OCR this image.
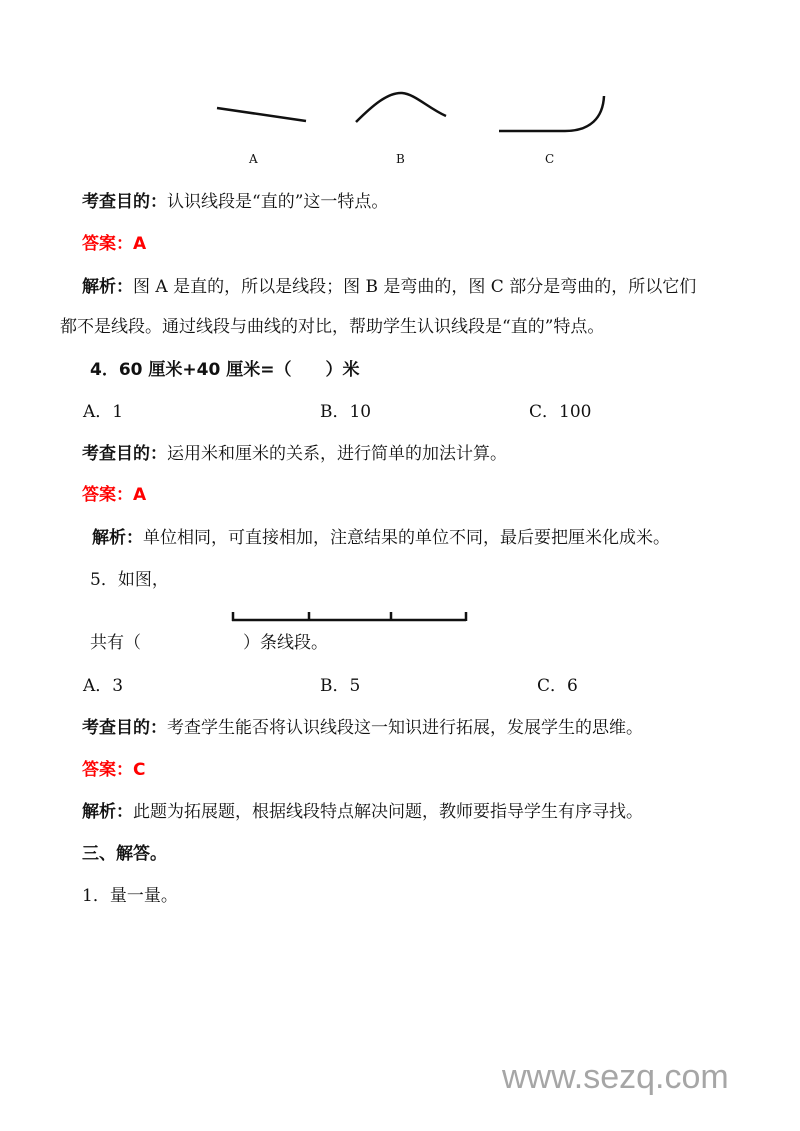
A	B	C
考查目的：认识线段是“直的”这一特点。
答案：A
解析：图 A 是直的，所以是线段；图 B 是弯曲的，图 C 部分是弯曲的，所以它们
都不是线段。通过线段与曲线的对比，帮助学生认识线段是“直的”特点。
4．60 厘米+40 厘米=（　　）米
A．1	B．10	C．100
考查目的：运用米和厘米的关系，进行简单的加法计算。
答案：A
解析：单位相同，可直接相加，注意结果的单位不同，最后要把厘米化成米。
5．如图，
共有（	）条线段。
A．3	B．5	C．6
考查目的：考查学生能否将认识线段这一知识进行拓展，发展学生的思维。
答案：C
解析：此题为拓展题，根据线段特点解决问题，教师要指导学生有序寻找。
三、解答。
1．量一量。
www.sezq.com
